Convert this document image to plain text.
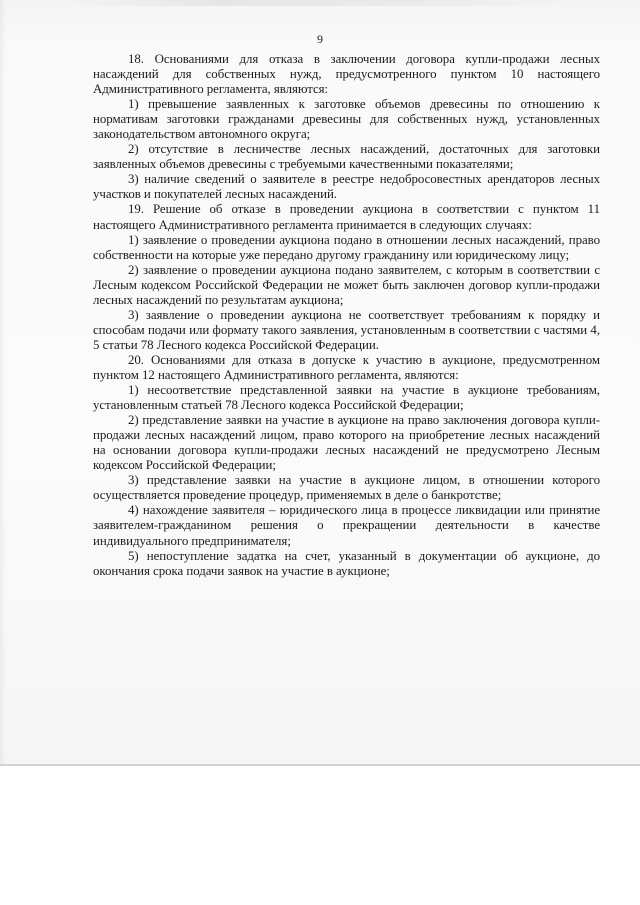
9

18. Основаниями для отказа в заключении договора купли-продажи лесных насаждений для собственных нужд, предусмотренного пунктом 10 настоящего Административного регламента, являются:

1) превышение заявленных к заготовке объемов древесины по отношению к нормативам заготовки гражданами древесины для собственных нужд, установленных законодательством автономного округа;

2) отсутствие в лесничестве лесных насаждений, достаточных для заготовки заявленных объемов древесины с требуемыми качественными показателями;

3) наличие сведений о заявителе в реестре недобросовестных арендаторов лесных участков и покупателей лесных насаждений.

19. Решение об отказе в проведении аукциона в соответствии с пунктом 11 настоящего Административного регламента принимается в следующих случаях:

1) заявление о проведении аукциона подано в отношении лесных насаждений, право собственности на которые уже передано другому гражданину или юридическому лицу;

2) заявление о проведении аукциона подано заявителем, с которым в соответствии с Лесным кодексом Российской Федерации не может быть заключен договор купли-продажи лесных насаждений по результатам аукциона;

3) заявление о проведении аукциона не соответствует требованиям к порядку и способам подачи или формату такого заявления, установленным в соответствии с частями 4, 5 статьи 78 Лесного кодекса Российской Федерации.

20. Основаниями для отказа в допуске к участию в аукционе, предусмотренном пунктом 12 настоящего Административного регламента, являются:

1) несоответствие представленной заявки на участие в аукционе требованиям, установленным статьей 78 Лесного кодекса Российской Федерации;

2) представление заявки на участие в аукционе на право заключения договора купли-продажи лесных насаждений лицом, право которого на приобретение лесных насаждений на основании договора купли-продажи лесных насаждений не предусмотрено Лесным кодексом Российской Федерации;

3) представление заявки на участие в аукционе лицом, в отношении которого осуществляется проведение процедур, применяемых в деле о банкротстве;

4) нахождение заявителя – юридического лица в процессе ликвидации или принятие заявителем-гражданином решения о прекращении деятельности в качестве индивидуального предпринимателя;

5) непоступление задатка на счет, указанный в документации об аукционе, до окончания срока подачи заявок на участие в аукционе;
